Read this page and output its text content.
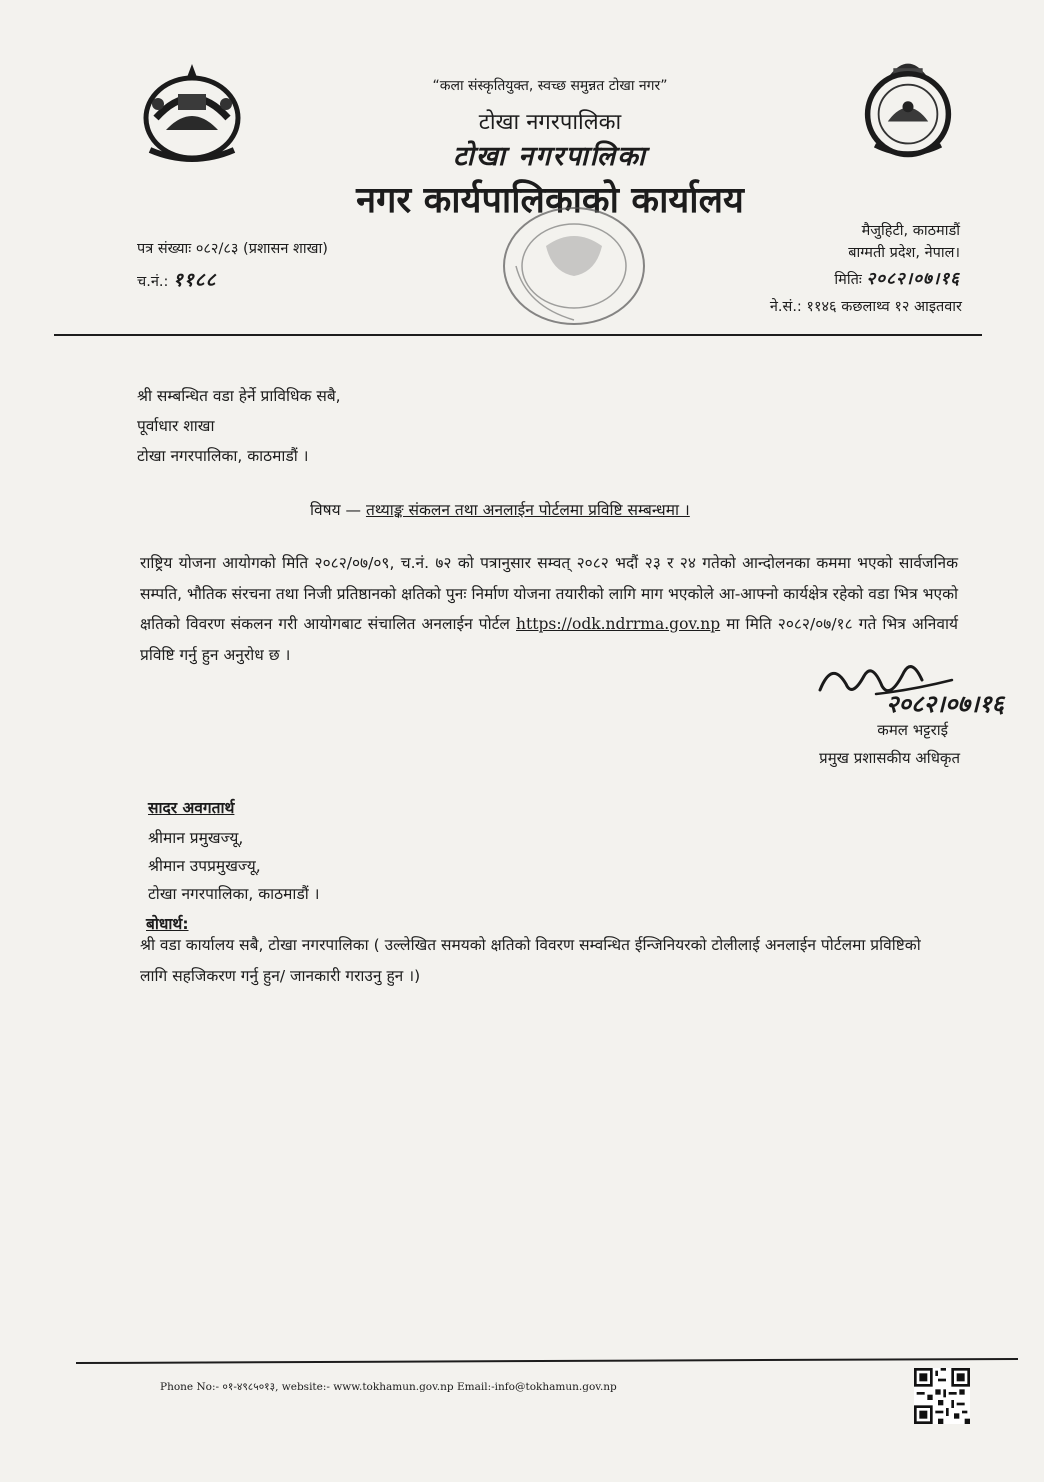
“कला संस्कृतियुक्त, स्वच्छ समुन्नत टोखा नगर”
टोखा नगरपालिका
टोखा नगरपालिका
नगर कार्यपालिकाको कार्यालय
पत्र संख्याः ०८२/८३ (प्रशासन शाखा)
च.नं.: ११८८
मैजुहिटी, काठमाडौं
बाग्मती प्रदेश, नेपाल।
मितिः २०८२।०७।१६
ने.सं.: ११४६ कछलाथ्व १२ आइतवार
श्री सम्बन्धित वडा हेर्ने प्राविधिक सबै,
पूर्वाधार शाखा
टोखा नगरपालिका, काठमाडौं ।
विषय — तथ्याङ्क संकलन तथा अनलाईन पोर्टलमा प्रविष्टि सम्बन्धमा ।
राष्ट्रिय योजना आयोगको मिति २०८२/०७/०९, च.नं. ७२ को पत्रानुसार सम्वत् २०८२ भदौं २३ र २४ गतेको आन्दोलनका कममा भएको सार्वजनिक सम्पति, भौतिक संरचना तथा निजी प्रतिष्ठानको क्षतिको पुनः निर्माण योजना तयारीको लागि माग भएकोले आ-आफ्नो कार्यक्षेत्र रहेको वडा भित्र भएको क्षतिको विवरण संकलन गरी आयोगबाट संचालित अनलाईन पोर्टल https://odk.ndrrma.gov.np मा मिति २०८२/०७/१८ गते भित्र अनिवार्य प्रविष्टि गर्नु हुन अनुरोध छ ।
२०८२।०७।१६
कमल भट्टराई
प्रमुख प्रशासकीय अधिकृत
सादर अवगतार्थ
श्रीमान प्रमुखज्यू,
श्रीमान उपप्रमुखज्यू,
टोखा नगरपालिका, काठमाडौं ।
बोधार्थ:
श्री वडा कार्यालय सबै, टोखा नगरपालिका ( उल्लेखित समयको क्षतिको विवरण सम्वन्धित ईन्जिनियरको टोलीलाई अनलाईन पोर्टलमा प्रविष्टिको लागि सहजिकरण गर्नु हुन/ जानकारी गराउनु हुन ।)
Phone No:- ०१-४९८५०१३, website:- www.tokhamun.gov.np Email:-info@tokhamun.gov.np
